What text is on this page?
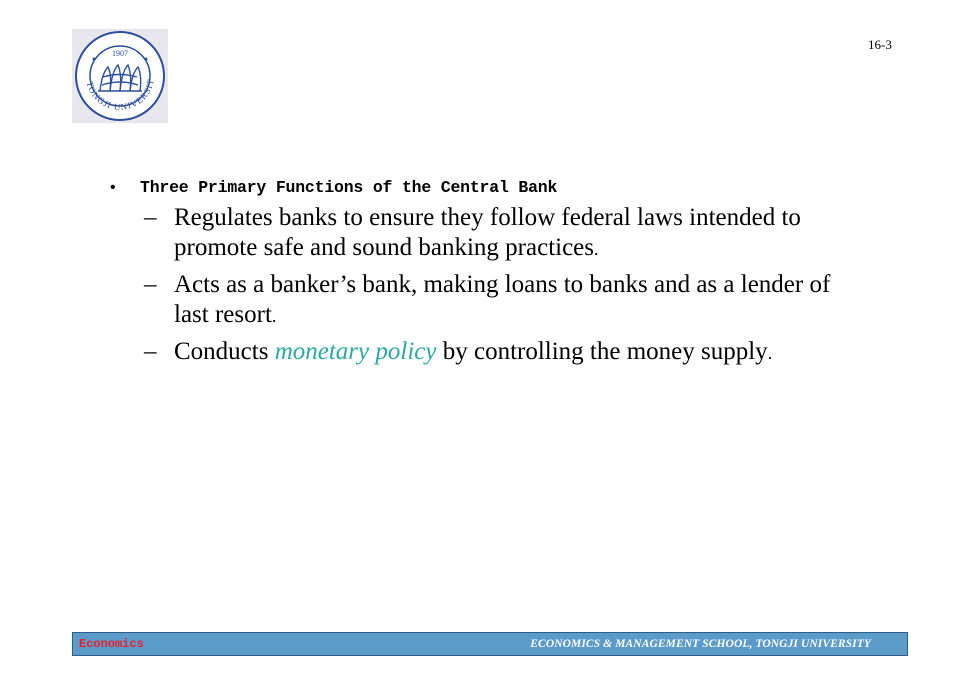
TONGJI UNIVERSIT
1907
16-3
•	Three Primary Functions of the Central Bank
– Regulates banks to ensure they follow federal laws intended to promote safe and sound banking practices.
– Acts as a banker’s bank, making loans to banks and as a lender of last resort.
– Conducts monetary policy by controlling the money supply.
Economics	ECONOMICS & MANAGEMENT SCHOOL, TONGJI UNIVERSITY
